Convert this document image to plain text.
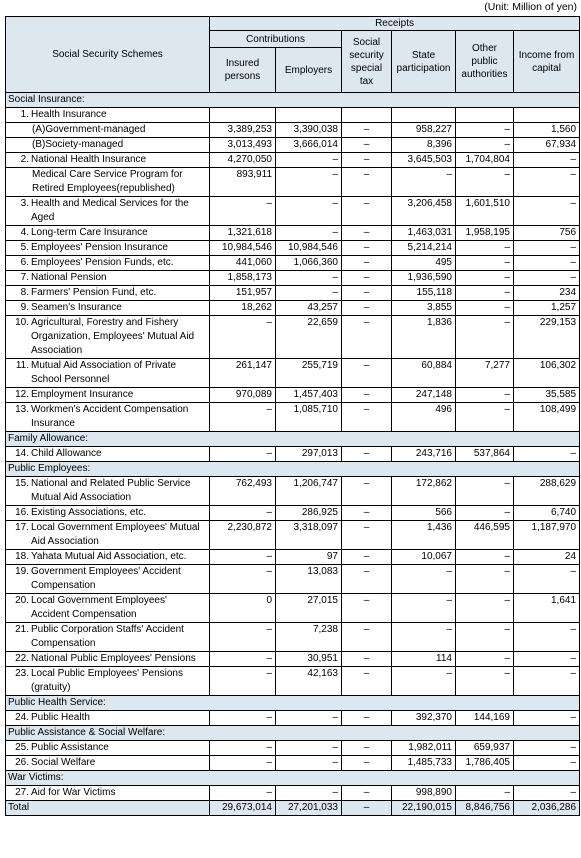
(Unit: Million of yen)
Social Security Schemes	Receipts					
	Contributions		Social security special tax	State participation	Other public authorities	Income from capital
	Insured persons	Employers				
Social Insurance:						

1. Health Insurance						
(A)Government-managed	3,389,253	3,390,038	–	958,227	–	1,560
(B)Society-managed	3,013,493	3,666,014	–	8,396	–	67,934

2. National Health Insurance	4,270,050	–	–	3,645,503	1,704,804	–
Medical Care Service Program for Retired Employees(republished)	893,911	–	–	–	–	–

3. Health and Medical Services for the Aged	–	–	–	3,206,458	1,601,510	–

4. Long-term Care Insurance	1,321,618	–	–	1,463,031	1,958,195	756

5. Employees' Pension Insurance	10,984,546	10,984,546	–	5,214,214	–	–

6. Employees' Pension Funds, etc.	441,060	1,066,360	–	495	–	–

7. National Pension	1,858,173	–	–	1,936,590	–	–

8. Farmers' Pension Fund, etc.	151,957	–	–	155,118	–	234

9. Seamen's Insurance	18,262	43,257	–	3,855	–	1,257

10. Agricultural, Forestry and Fishery Organization, Employees' Mutual Aid Association	–	22,659	–	1,836	–	229,153

11. Mutual Aid Association of Private School Personnel	261,147	255,719	–	60,884	7,277	106,302

12. Employment Insurance	970,089	1,457,403	–	247,148	–	35,585

13. Workmen's Accident Compensation Insurance	–	1,085,710	–	496	–	108,499
Family Allowance:						

14. Child Allowance	–	297,013	–	243,716	537,864	–
Public Employees:						

15. National and Related Public Service Mutual Aid Association	762,493	1,206,747	–	172,862	–	288,629

16. Existing Associations, etc.	–	286,925	–	566	–	6,740

17. Local Government Employees' Mutual Aid Association	2,230,872	3,318,097	–	1,436	446,595	1,187,970

18. Yahata Mutual Aid Association, etc.	–	97	–	10,067	–	24

19. Government Employees' Accident Compensation	–	13,083	–	–	–	–

20. Local Government Employees' Accident Compensation	0	27,015	–	–	–	1,641

21. Public Corporation Staffs' Accident Compensation	–	7,238	–	–	–	–

22. National Public Employees' Pensions	–	30,951	–	114	–	–

23. Local Public Employees' Pensions (gratuity)	–	42,163	–	–	–	–
Public Health Service:						

24. Public Health	–	–	–	392,370	144,169	–
Public Assistance & Social Welfare:						

25. Public Assistance	–	–	–	1,982,011	659,937	–

26. Social Welfare	–	–	–	1,485,733	1,786,405	–
War Victims:						

27. Aid for War Victims	–	–	–	998,890	–	–
Total	29,673,014	27,201,033	–	22,190,015	8,846,756	2,036,286
